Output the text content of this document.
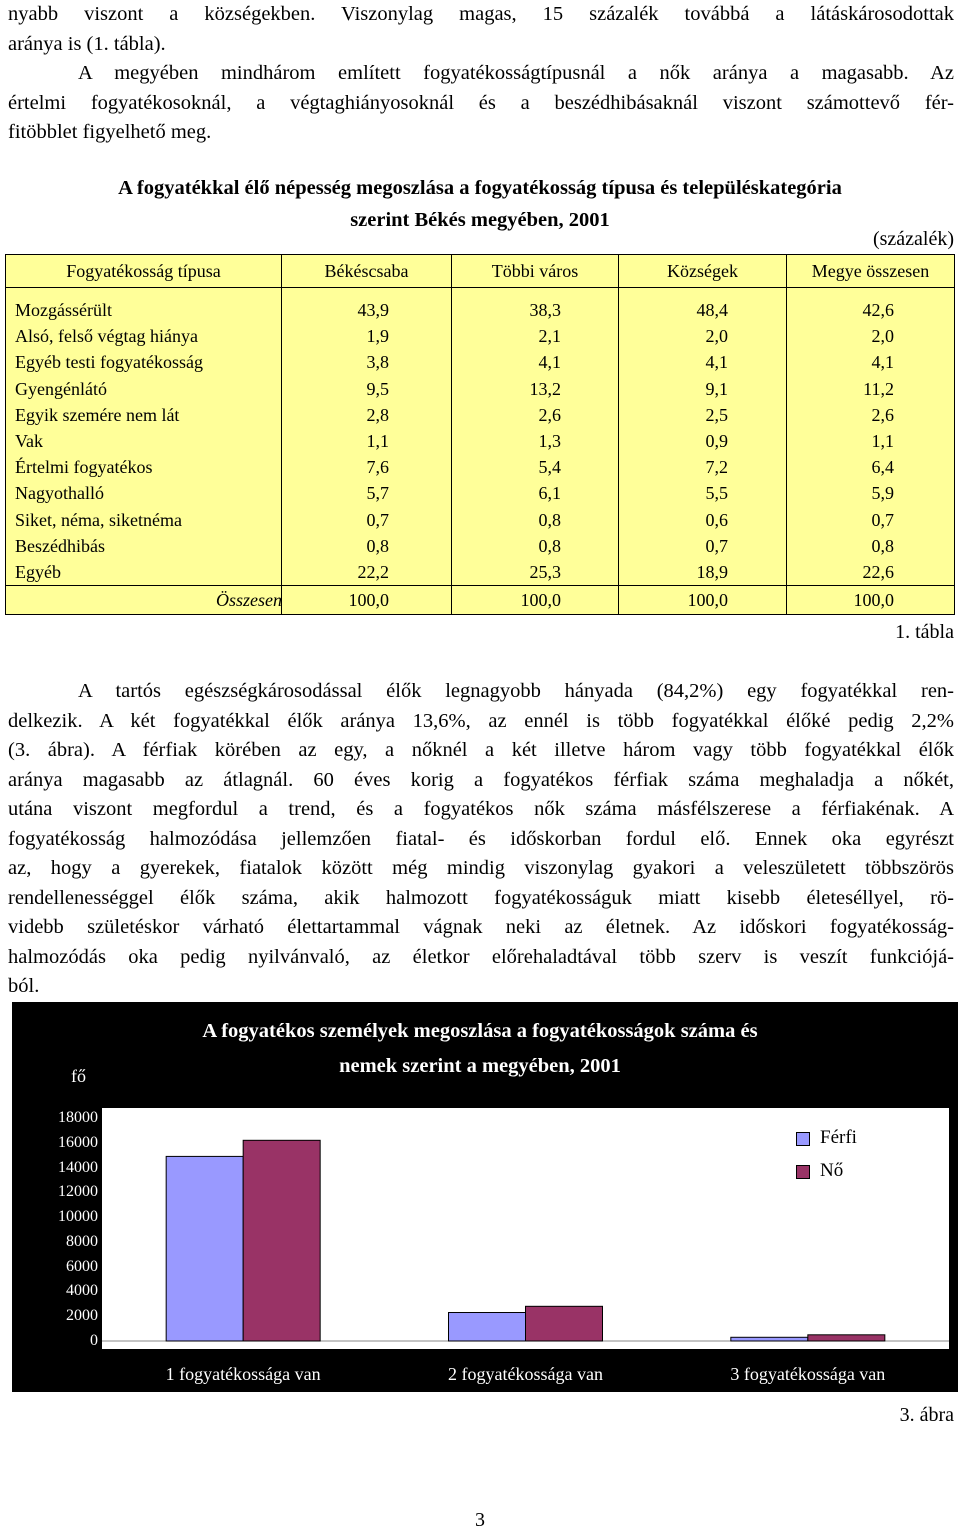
nyabb viszont a községekben. Viszonylag magas, 15 százalék továbbá a látáskárosodottak
aránya is (1. tábla).
A megyében mindhárom említett fogyatékosságtípusnál a nők aránya a magasabb. Az
értelmi fogyatékosoknál, a végtaghiányosoknál és a beszédhibásaknál viszont számottevő fér-
fitöbblet figyelhető meg.
A fogyatékkal élő népesség megoszlása a fogyatékosság típusa és településkategória
szerint Békés megyében, 2001
(százalék)
Fogyatékosság típusa	Békéscsaba	Többi város	Községek	Megye összesen
Mozgássérült	43,9	38,3	48,4	42,6
Alsó, felső végtag hiánya	1,9	2,1	2,0	2,0
Egyéb testi fogyatékosság	3,8	4,1	4,1	4,1
Gyengénlátó	9,5	13,2	9,1	11,2
Egyik szemére nem lát	2,8	2,6	2,5	2,6
Vak	1,1	1,3	0,9	1,1
Értelmi fogyatékos	7,6	5,4	7,2	6,4
Nagyothalló	5,7	6,1	5,5	5,9
Siket, néma, siketnéma	0,7	0,8	0,6	0,7
Beszédhibás	0,8	0,8	0,7	0,8
Egyéb	22,2	25,3	18,9	22,6
Összesen	100,0	100,0	100,0	100,0
1. tábla
A tartós egészségkárosodással élők legnagyobb hányada (84,2%) egy fogyatékkal ren-
delkezik. A két fogyatékkal élők aránya 13,6%, az ennél is több fogyatékkal élőké pedig 2,2%
(3. ábra). A férfiak körében az egy, a nőknél a két illetve három vagy több fogyatékkal élők
aránya magasabb az átlagnál. 60 éves korig a fogyatékos férfiak száma meghaladja a nőkét,
utána viszont megfordul a trend, és a fogyatékos nők száma másfélszerese a férfiakénak. A
fogyatékosság halmozódása jellemzően fiatal- és időskorban fordul elő. Ennek oka egyrészt
az, hogy a gyerekek, fiatalok között még mindig viszonylag gyakori a veleszületett többszörös
rendellenességgel élők száma, akik halmozott fogyatékosságuk miatt kisebb életeséllyel, rö-
videbb születéskor várható élettartammal vágnak neki az életnek. Az időskori fogyatékosság-
halmozódás oka pedig nyilvánvaló, az életkor előrehaladtával több szerv is veszít funkciójá-
ból.
A fogyatékos személyek megoszlása a fogyatékosságok száma és
nemek szerint a megyében, 2001
fő
18000
16000
14000
12000
10000
8000
6000
4000
2000
0
1 fogyatékossága van	2 fogyatékossága van	3 fogyatékossága van
Férfi
Nő
3. ábra
3
